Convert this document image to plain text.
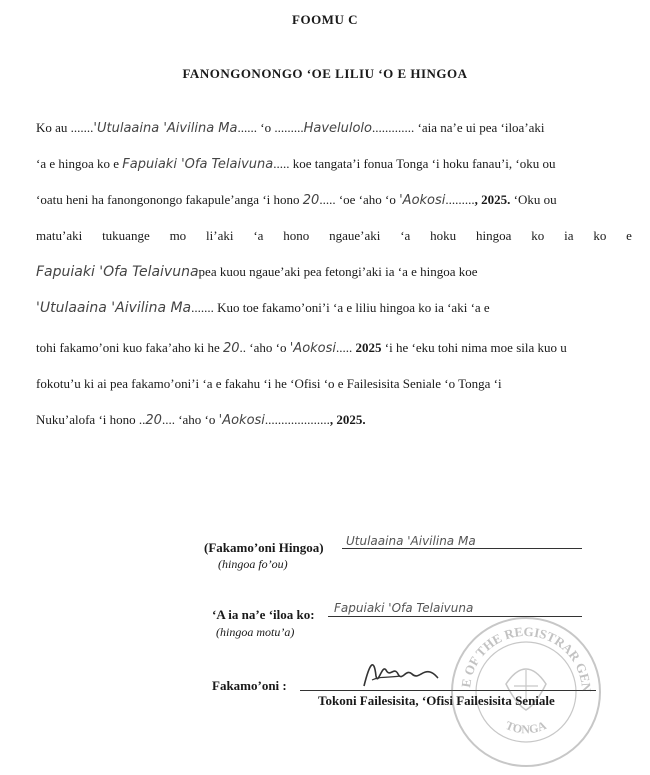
FOOMU C
FANONGONONGO ‘OE LILIU ‘O E HINGOA
Ko au .......'Utulaaina 'Aivilina Ma...... ‘o .........Havelulolo............. ‘aia na’e ui pea ‘iloa’aki
‘a e hingoa ko e Fapuiaki 'Ofa Telaivuna..... koe tangata’i fonua Tonga ‘i hoku fanau’i, ‘oku ou
‘oatu heni ha fanongonongo fakapule’anga ‘i hono 20..... ‘oe ‘aho ‘o 'Aokosi........., 2025. ‘Oku ou
matu’aki tukuange mo li’aki ‘a hono ngaue’aki ‘a hoku hingoa ko ia ko e
Fapuiaki 'Ofa Telaivunapea kuou ngaue’aki pea fetongi’aki ia ‘a e hingoa koe
'Utulaaina 'Aivilina Ma....... Kuo toe fakamo’oni’i ‘a e liliu hingoa ko ia ‘aki ‘a e
tohi fakamo’oni kuo faka’aho ki he 20.. ‘aho ‘o 'Aokosi..... 2025 ‘i he ‘eku tohi nima moe sila kuo u
fokotu’u ki ai pea fakamo’oni’i ‘a e fakahu ‘i he ‘Ofisi ‘o e Failesisita Seniale ‘o Tonga ‘i
Nuku’alofa ‘i hono ..20.... ‘aho ‘o 'Aokosi...................., 2025.
(Fakamo’oni Hingoa) Utulaaina 'Aivilina Ma
(hingoa fo’ou)
‘A ia na’e ‘iloa ko: Fapuiaki 'Ofa Telaivuna
(hingoa motu’a)
Fakamo’oni :
Tokoni Failesisita, ‘Ofisi Failesisita Seniale
E OF THE REGISTRAR GEN
TONGA
